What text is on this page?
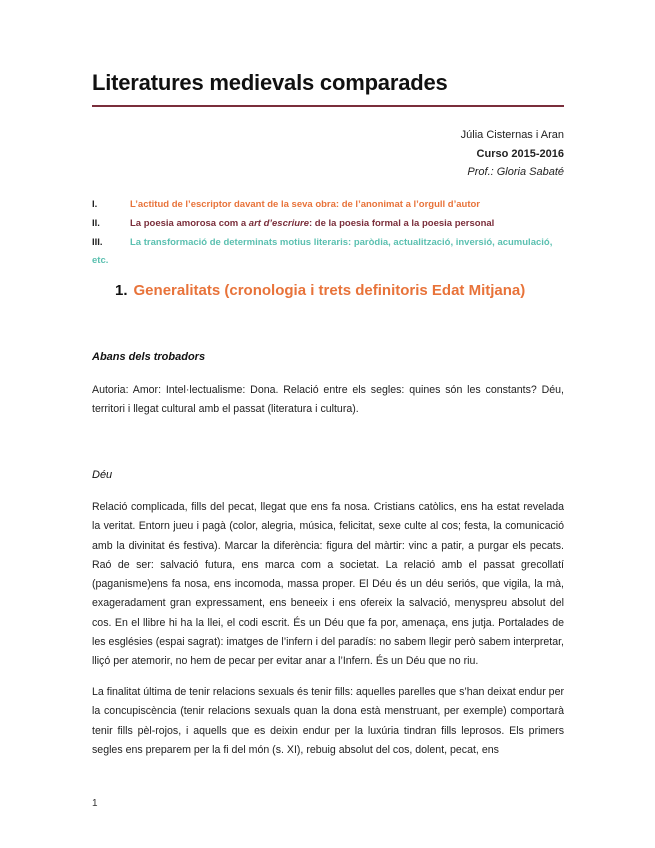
Literatures medievals comparades
Júlia Cisternas i Aran
Curso 2015-2016
Prof.: Gloria Sabaté
I.	L’actitud de l’escriptor davant de la seva obra: de l’anonimat a l’orgull d’autor
II.	La poesia amorosa com a art d’escriure: de la poesia formal a la poesia personal
III.	La transformació de determinats motius literaris: paròdia, actualització, inversió, acumulació,
etc.
1. Generalitats (cronologia i trets definitoris Edat Mitjana)
Abans dels trobadors
Autoria: Amor: Intel·lectualisme: Dona. Relació entre els segles: quines són les constants? Déu, territori i llegat cultural amb el passat (literatura i cultura).
Déu
Relació complicada, fills del pecat, llegat que ens fa nosa. Cristians catòlics, ens ha estat revelada la veritat. Entorn jueu i pagà (color, alegria, música, felicitat, sexe culte al cos; festa, la comunicació amb la divinitat és festiva). Marcar la diferència: figura del màrtir: vinc a patir, a purgar els pecats. Raó de ser: salvació futura, ens marca com a societat. La relació amb el passat grecollatí (paganisme)ens fa nosa, ens incomoda, massa proper. El Déu és un déu seriós, que vigila, la mà, exageradament gran expressament, ens beneeix i ens ofereix la salvació, menyspreu absolut del cos. En el llibre hi ha la llei, el codi escrit. És un Déu que fa por, amenaça, ens jutja. Portalades de les esglésies (espai sagrat): imatges de l’infern i del paradís: no sabem llegir però sabem interpretar, lliçó per atemorir, no hem de pecar per evitar anar a l’Infern. És un Déu que no riu.
La finalitat última de tenir relacions sexuals és tenir fills: aquelles parelles que s’han deixat endur per la concupiscència (tenir relacions sexuals quan la dona està menstruant, per exemple) comportarà tenir fills pèl-rojos, i aquells que es deixin endur per la luxúria tindran fills leprosos. Els primers segles ens preparem per la fi del món (s. XI), rebuig absolut del cos, dolent, pecat, ens
1
